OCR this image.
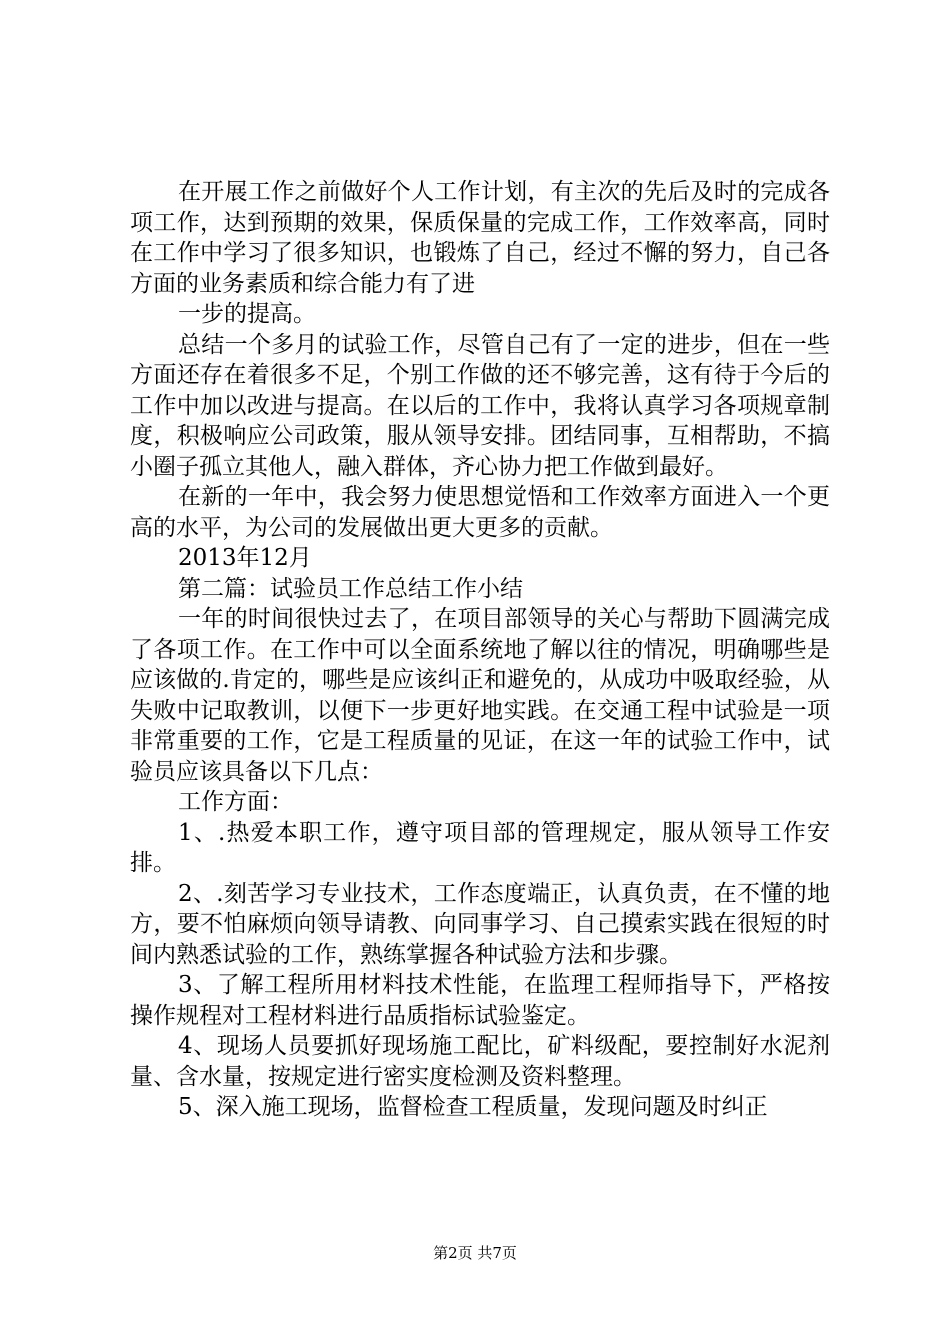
在开展工作之前做好个人工作计划，有主次的先后及时的完成各项工作，达到预期的效果，保质保量的完成工作，工作效率高，同时在工作中学习了很多知识，也锻炼了自己，经过不懈的努力，自己各方面的业务素质和综合能力有了进

一步的提高。

总结一个多月的试验工作，尽管自己有了一定的进步，但在一些方面还存在着很多不足，个别工作做的还不够完善，这有待于今后的工作中加以改进与提高。在以后的工作中，我将认真学习各项规章制度，积极响应公司政策，服从领导安排。团结同事，互相帮助，不搞小圈子孤立其他人，融入群体，齐心协力把工作做到最好。

在新的一年中，我会努力使思想觉悟和工作效率方面进入一个更高的水平，为公司的发展做出更大更多的贡献。

2013年12月

第二篇：试验员工作总结工作小结

一年的时间很快过去了，在项目部领导的关心与帮助下圆满完成了各项工作。在工作中可以全面系统地了解以往的情况，明确哪些是应该做的.肯定的，哪些是应该纠正和避免的，从成功中吸取经验，从失败中记取教训，以便下一步更好地实践。在交通工程中试验是一项非常重要的工作，它是工程质量的见证，在这一年的试验工作中，试验员应该具备以下几点：

工作方面：

1、.热爱本职工作，遵守项目部的管理规定，服从领导工作安排。

2、.刻苦学习专业技术，工作态度端正，认真负责，在不懂的地方，要不怕麻烦向领导请教、向同事学习、自己摸索实践在很短的时间内熟悉试验的工作，熟练掌握各种试验方法和步骤。

3、了解工程所用材料技术性能，在监理工程师指导下，严格按操作规程对工程材料进行品质指标试验鉴定。

4、现场人员要抓好现场施工配比，矿料级配，要控制好水泥剂量、含水量，按规定进行密实度检测及资料整理。

5、深入施工现场，监督检查工程质量，发现问题及时纠正

第2页 共7页
